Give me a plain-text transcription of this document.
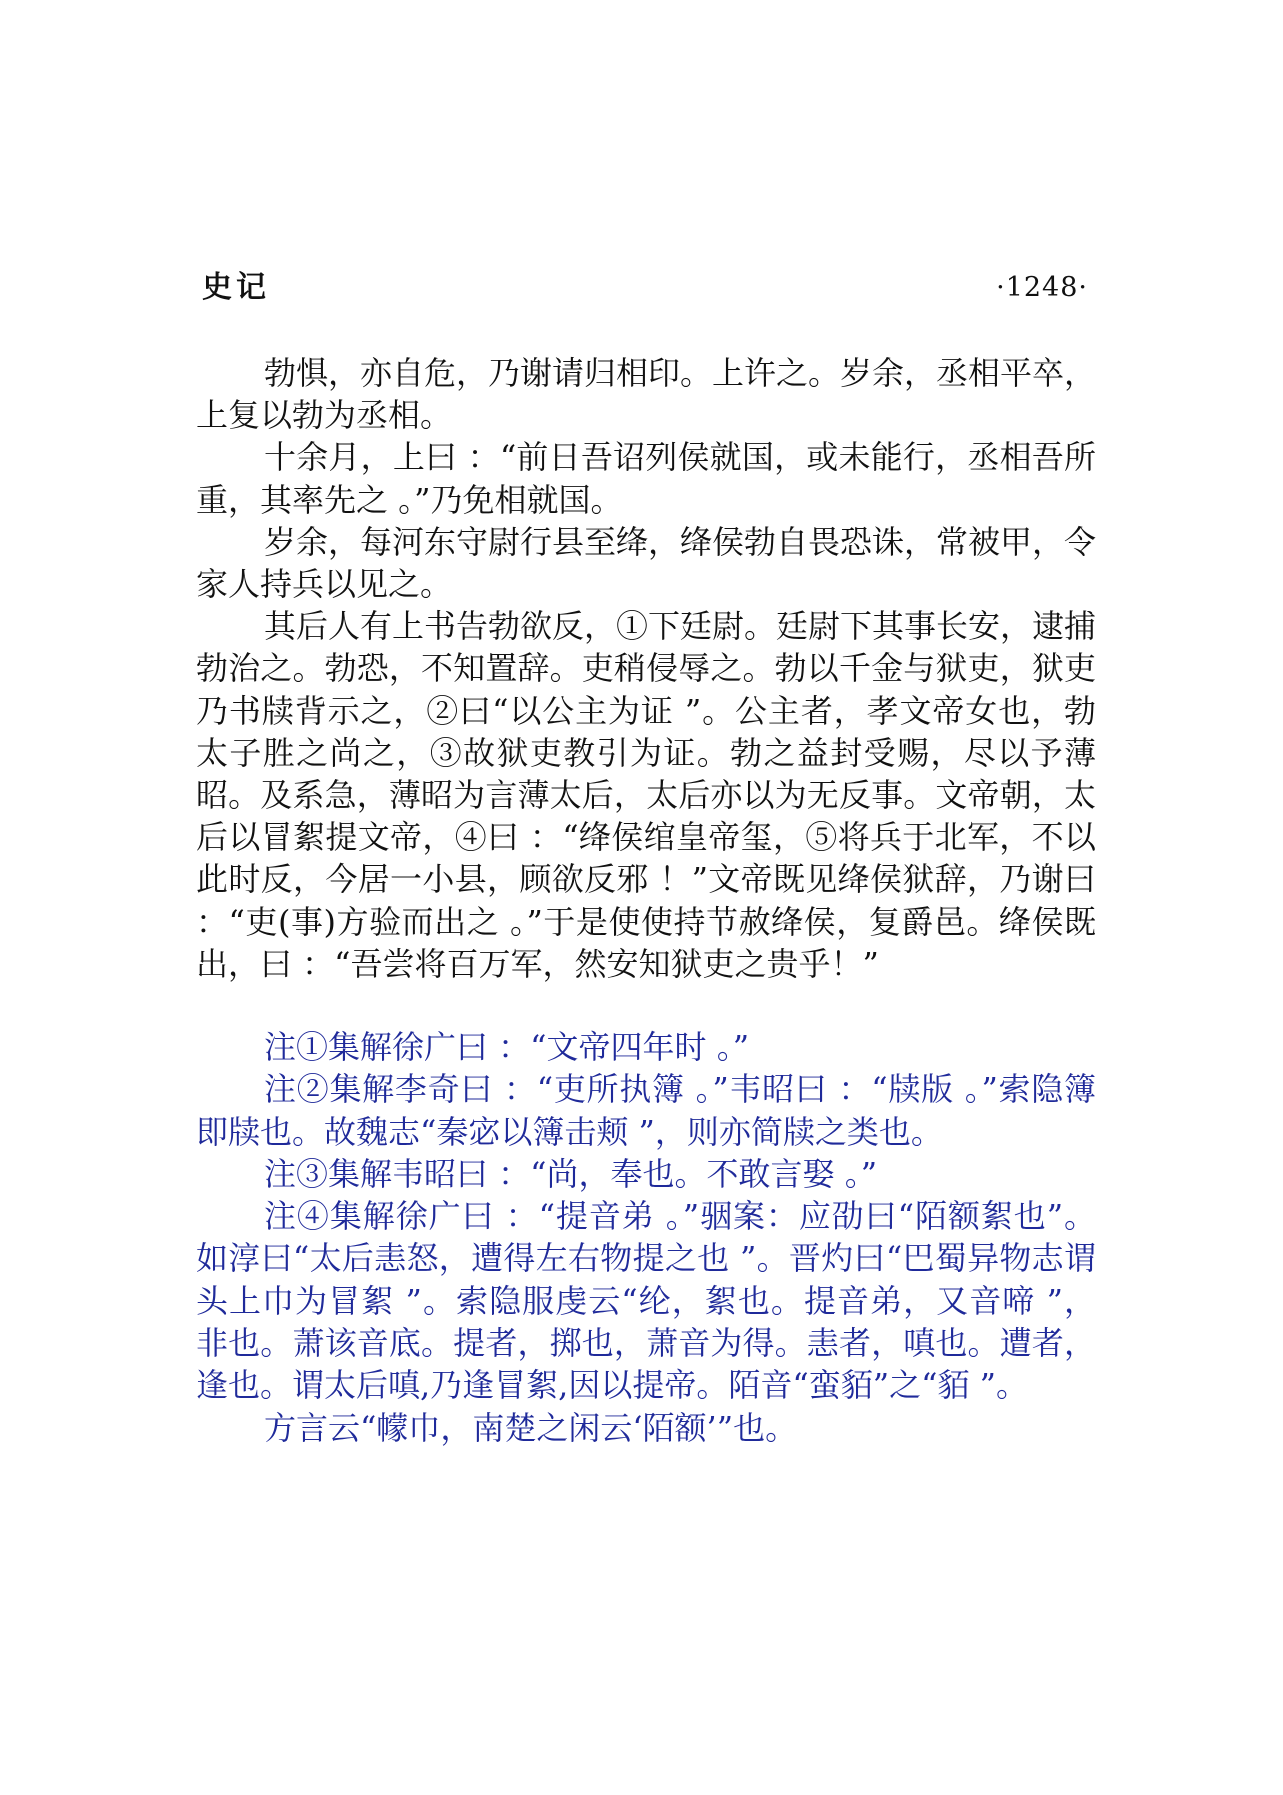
史记	·1248·

勃惧，亦自危，乃谢请归相印。上许之。岁余，丞相平卒，上复以勃为丞相。

十余月，上曰 ：“前日吾诏列侯就国，或未能行，丞相吾所重，其率先之 。”乃免相就国。

岁余，每河东守尉行县至绛，绛侯勃自畏恐诛，常被甲，令家人持兵以见之。

其后人有上书告勃欲反，①下廷尉。廷尉下其事长安，逮捕勃治之。勃恐，不知置辞。吏稍侵辱之。勃以千金与狱吏，狱吏乃书牍背示之，②曰“以公主为证 ”。公主者，孝文帝女也，勃太子胜之尚之，③故狱吏教引为证。勃之益封受赐，尽以予薄昭。及系急，薄昭为言薄太后，太后亦以为无反事。文帝朝，太后以冒絮提文帝，④曰 ：“绛侯绾皇帝玺，⑤将兵于北军，不以此时反，今居一小县，顾欲反邪 ！”文帝既见绛侯狱辞，乃谢曰 ：“吏(事)方验而出之 。”于是使使持节赦绛侯，复爵邑。绛侯既出，曰 ：“吾尝将百万军，然安知狱吏之贵乎！”

注①集解徐广曰 ：“文帝四年时 。”

注②集解李奇曰 ：“吏所执簿 。”韦昭曰 ：“牍版 。”索隐簿即牍也。故魏志“秦宓以簿击颊 ”，则亦简牍之类也。

注③集解韦昭曰 ：“尚，奉也。不敢言娶 。”

注④集解徐广曰 ：“提音弟 。”骃案：应劭曰“陌额絮也”。如淳曰“太后恚怒，遭得左右物提之也 ”。晋灼曰“巴蜀异物志谓头上巾为冒絮 ”。索隐服虔云“纶，絮也。提音弟，又音啼 ”，非也。萧该音底。提者，掷也，萧音为得。恚者，嗔也。遭者，逢也。谓太后嗔,乃逢冒絮,因以提帝。陌音“蛮貊”之“貊 ”。

方言云“幪巾，南楚之闲云‘陌额’”也。
